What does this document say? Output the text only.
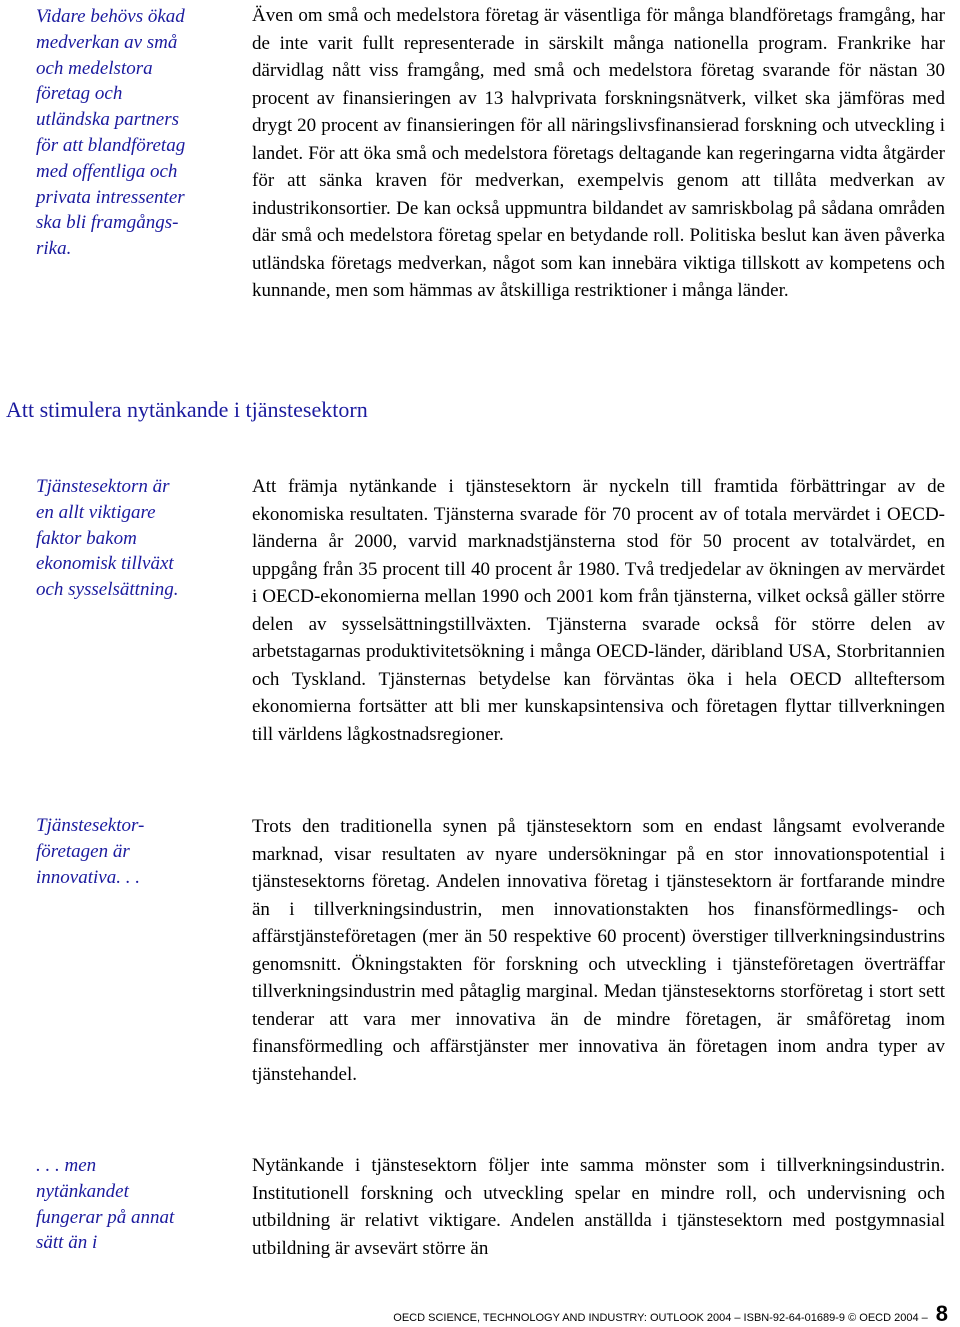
Vidare behövs ökad medverkan av små och medelstora företag och utländska partners för att blandföretag med offentliga och privata intressenter ska bli framgångs-rika.

Även om små och medelstora företag är väsentliga för många blandföretags framgång, har de inte varit fullt representerade in särskilt många nationella program. Frankrike har därvidlag nått viss framgång, med små och medelstora företag svarande för nästan 30 procent av finansieringen av 13 halvprivata forskningsnätverk, vilket ska jämföras med drygt 20 procent av finansieringen för all näringslivsfinansierad forskning och utveckling i landet. För att öka små och medelstora företags deltagande kan regeringarna vidta åtgärder för att sänka kraven för medverkan, exempelvis genom att tillåta medverkan av industrikonsortier. De kan också uppmuntra bildandet av samriskbolag på sådana områden där små och medelstora företag spelar en betydande roll. Politiska beslut kan även påverka utländska företags medverkan, något som kan innebära viktiga tillskott av kompetens och kunnande, men som hämmas av åtskilliga restriktioner i många länder.

Att stimulera nytänkande i tjänstesektorn

Tjänstesektorn är en allt viktigare faktor bakom ekonomisk tillväxt och sysselsättning.

Att främja nytänkande i tjänstesektorn är nyckeln till framtida förbättringar av de ekonomiska resultaten. Tjänsterna svarade för 70 procent av of totala mervärdet i OECD-länderna år 2000, varvid marknadstjänsterna stod för 50 procent av totalvärdet, en uppgång från 35 procent till 40 procent år 1980. Två tredjedelar av ökningen av mervärdet i OECD-ekonomierna mellan 1990 och 2001 kom från tjänsterna, vilket också gäller större delen av sysselsättningstillväxten. Tjänsterna svarade också för större delen av arbetstagarnas produktivitetsökning i många OECD-länder, däribland USA, Storbritannien och Tyskland. Tjänsternas betydelse kan förväntas öka i hela OECD allteftersom ekonomierna fortsätter att bli mer kunskapsintensiva och företagen flyttar tillverkningen till världens lågkostnadsregioner.

Tjänstesektor-företagen är innovativa. . .

Trots den traditionella synen på tjänstesektorn som en endast långsamt evolverande marknad, visar resultaten av nyare undersökningar på en stor innovationspotential i tjänstesektorns företag. Andelen innovativa företag i tjänstesektorn är fortfarande mindre än i tillverkningsindustrin, men innovationstakten hos finansförmedlings- och affärstjänsteföretagen (mer än 50 respektive 60 procent) överstiger tillverkningsindustrins genomsnitt. Ökningstakten för forskning och utveckling i tjänsteföretagen överträffar tillverkningsindustrin med påtaglig marginal. Medan tjänstesektorns storföretag i stort sett tenderar att vara mer innovativa än de mindre företagen, är småföretag inom finansförmedling och affärstjänster mer innovativa än företagen inom andra typer av tjänstehandel.

. . . men nytänkandet fungerar på annat sätt än i

Nytänkande i tjänstesektorn följer inte samma mönster som i tillverkningsindustrin. Institutionell forskning och utveckling spelar en mindre roll, och undervisning och utbildning är relativt viktigare. Andelen anställda i tjänstesektorn med postgymnasial utbildning är avsevärt större än

OECD SCIENCE, TECHNOLOGY AND INDUSTRY: OUTLOOK 2004 – ISBN-92-64-01689-9 © OECD 2004 – 8
